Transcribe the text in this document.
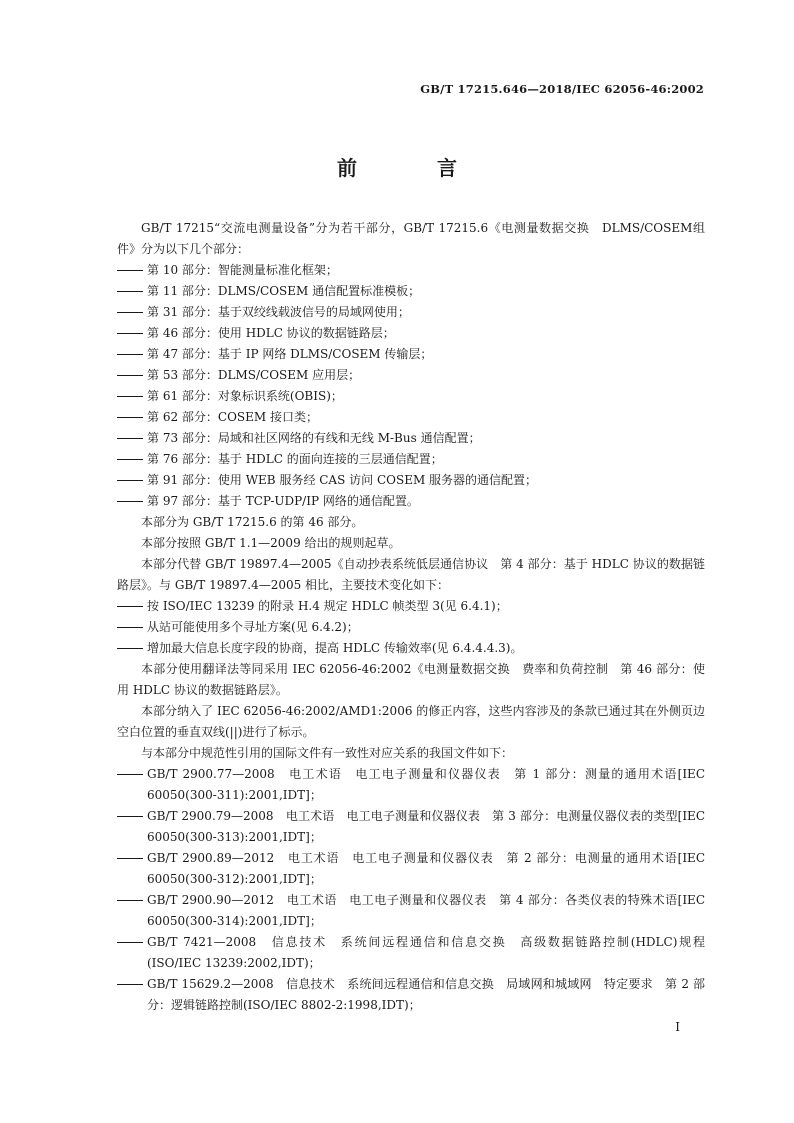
GB/T 17215.646—2018/IEC 62056-46:2002
前　言

GB/T 17215“交流电测量设备”分为若干部分，GB/T 17215.6《电测量数据交换　DLMS/COSEM组件》分为以下几个部分：

第 10 部分：智能测量标准化框架；
第 11 部分：DLMS/COSEM 通信配置标准模板；
第 31 部分：基于双绞线载波信号的局域网使用；
第 46 部分：使用 HDLC 协议的数据链路层；
第 47 部分：基于 IP 网络 DLMS/COSEM 传输层；
第 53 部分：DLMS/COSEM 应用层；
第 61 部分：对象标识系统(OBIS)；
第 62 部分：COSEM 接口类；
第 73 部分：局域和社区网络的有线和无线 M-Bus 通信配置；
第 76 部分：基于 HDLC 的面向连接的三层通信配置；
第 91 部分：使用 WEB 服务经 CAS 访问 COSEM 服务器的通信配置；
第 97 部分：基于 TCP-UDP/IP 网络的通信配置。

本部分为 GB/T 17215.6 的第 46 部分。

本部分按照 GB/T 1.1—2009 给出的规则起草。

本部分代替 GB/T 19897.4—2005《自动抄表系统低层通信协议　第 4 部分：基于 HDLC 协议的数据链路层》。与 GB/T 19897.4—2005 相比，主要技术变化如下：

按 ISO/IEC 13239 的附录 H.4 规定 HDLC 帧类型 3(见 6.4.1)；
从站可能使用多个寻址方案(见 6.4.2)；
增加最大信息长度字段的协商，提高 HDLC 传输效率(见 6.4.4.4.3)。

本部分使用翻译法等同采用 IEC 62056-46:2002《电测量数据交换　费率和负荷控制　第 46 部分：使用 HDLC 协议的数据链路层》。

本部分纳入了 IEC 62056-46:2002/AMD1:2006 的修正内容，这些内容涉及的条款已通过其在外侧页边空白位置的垂直双线(||)进行了标示。

与本部分中规范性引用的国际文件有一致性对应关系的我国文件如下：

GB/T 2900.77—2008　电工术语　电工电子测量和仪器仪表　第 1 部分：测量的通用术语[IEC 60050(300-311):2001,IDT]；
GB/T 2900.79—2008　电工术语　电工电子测量和仪器仪表　第 3 部分：电测量仪器仪表的类型[IEC 60050(300-313):2001,IDT]；
GB/T 2900.89—2012　电工术语　电工电子测量和仪器仪表　第 2 部分：电测量的通用术语[IEC 60050(300-312):2001,IDT]；
GB/T 2900.90—2012　电工术语　电工电子测量和仪器仪表　第 4 部分：各类仪表的特殊术语[IEC 60050(300-314):2001,IDT]；
GB/T 7421—2008　信息技术　系统间远程通信和信息交换　高级数据链路控制(HDLC)规程 (ISO/IEC 13239:2002,IDT)；
GB/T 15629.2—2008　信息技术　系统间远程通信和信息交换　局域网和城域网　特定要求　第 2 部分：逻辑链路控制(ISO/IEC 8802-2:1998,IDT)；
I
